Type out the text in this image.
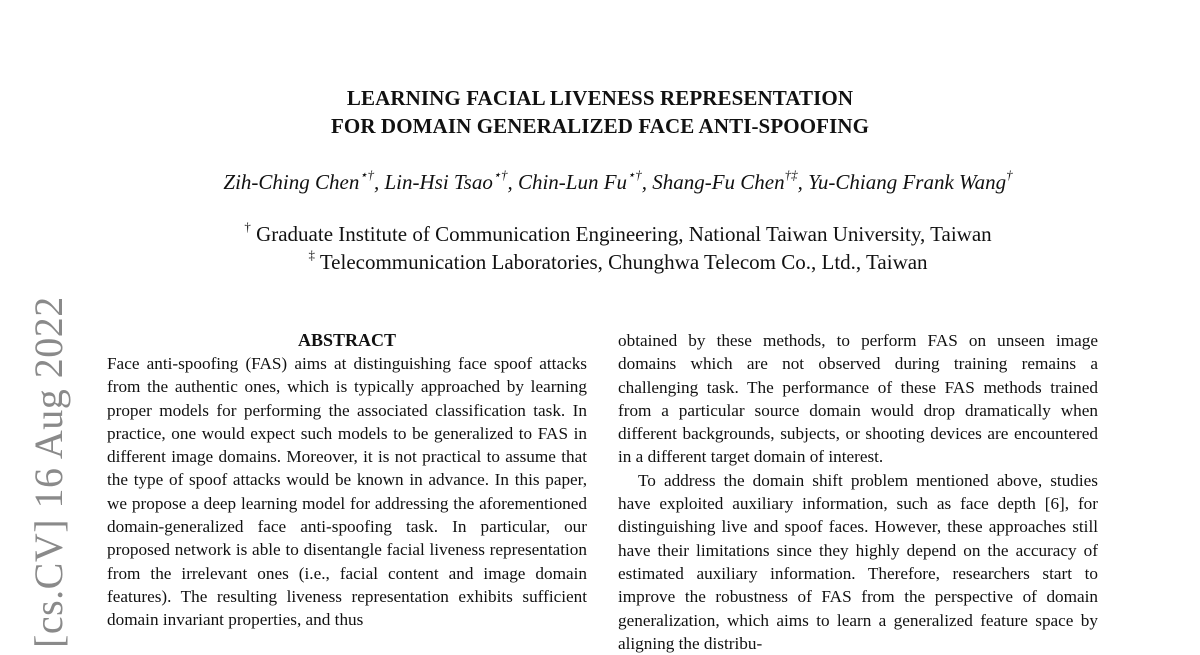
[cs.CV] 16 Aug 2022
LEARNING FACIAL LIVENESS REPRESENTATION
FOR DOMAIN GENERALIZED FACE ANTI-SPOOFING
Zih-Ching Chen⋆†, Lin-Hsi Tsao⋆†, Chin-Lun Fu⋆†, Shang-Fu Chen†‡, Yu-Chiang Frank Wang†
† Graduate Institute of Communication Engineering, National Taiwan University, Taiwan
‡ Telecommunication Laboratories, Chunghwa Telecom Co., Ltd., Taiwan
ABSTRACT

Face anti-spoofing (FAS) aims at distinguishing face spoof attacks from the authentic ones, which is typically approached by learning proper models for performing the associated classification task. In practice, one would expect such models to be generalized to FAS in different image domains. Moreover, it is not practical to assume that the type of spoof attacks would be known in advance. In this paper, we propose a deep learning model for addressing the aforementioned domain-generalized face anti-spoofing task. In particular, our proposed network is able to disentangle facial liveness representation from the irrelevant ones (i.e., facial content and image domain features). The resulting liveness representation exhibits sufficient domain invariant properties, and thus

obtained by these methods, to perform FAS on unseen image domains which are not observed during training remains a challenging task. The performance of these FAS methods trained from a particular source domain would drop dramatically when different backgrounds, subjects, or shooting devices are encountered in a different target domain of interest.

To address the domain shift problem mentioned above, studies have exploited auxiliary information, such as face depth [6], for distinguishing live and spoof faces. However, these approaches still have their limitations since they highly depend on the accuracy of estimated auxiliary information. Therefore, researchers start to improve the robustness of FAS from the perspective of domain generalization, which aims to learn a generalized feature space by aligning the distribu-
